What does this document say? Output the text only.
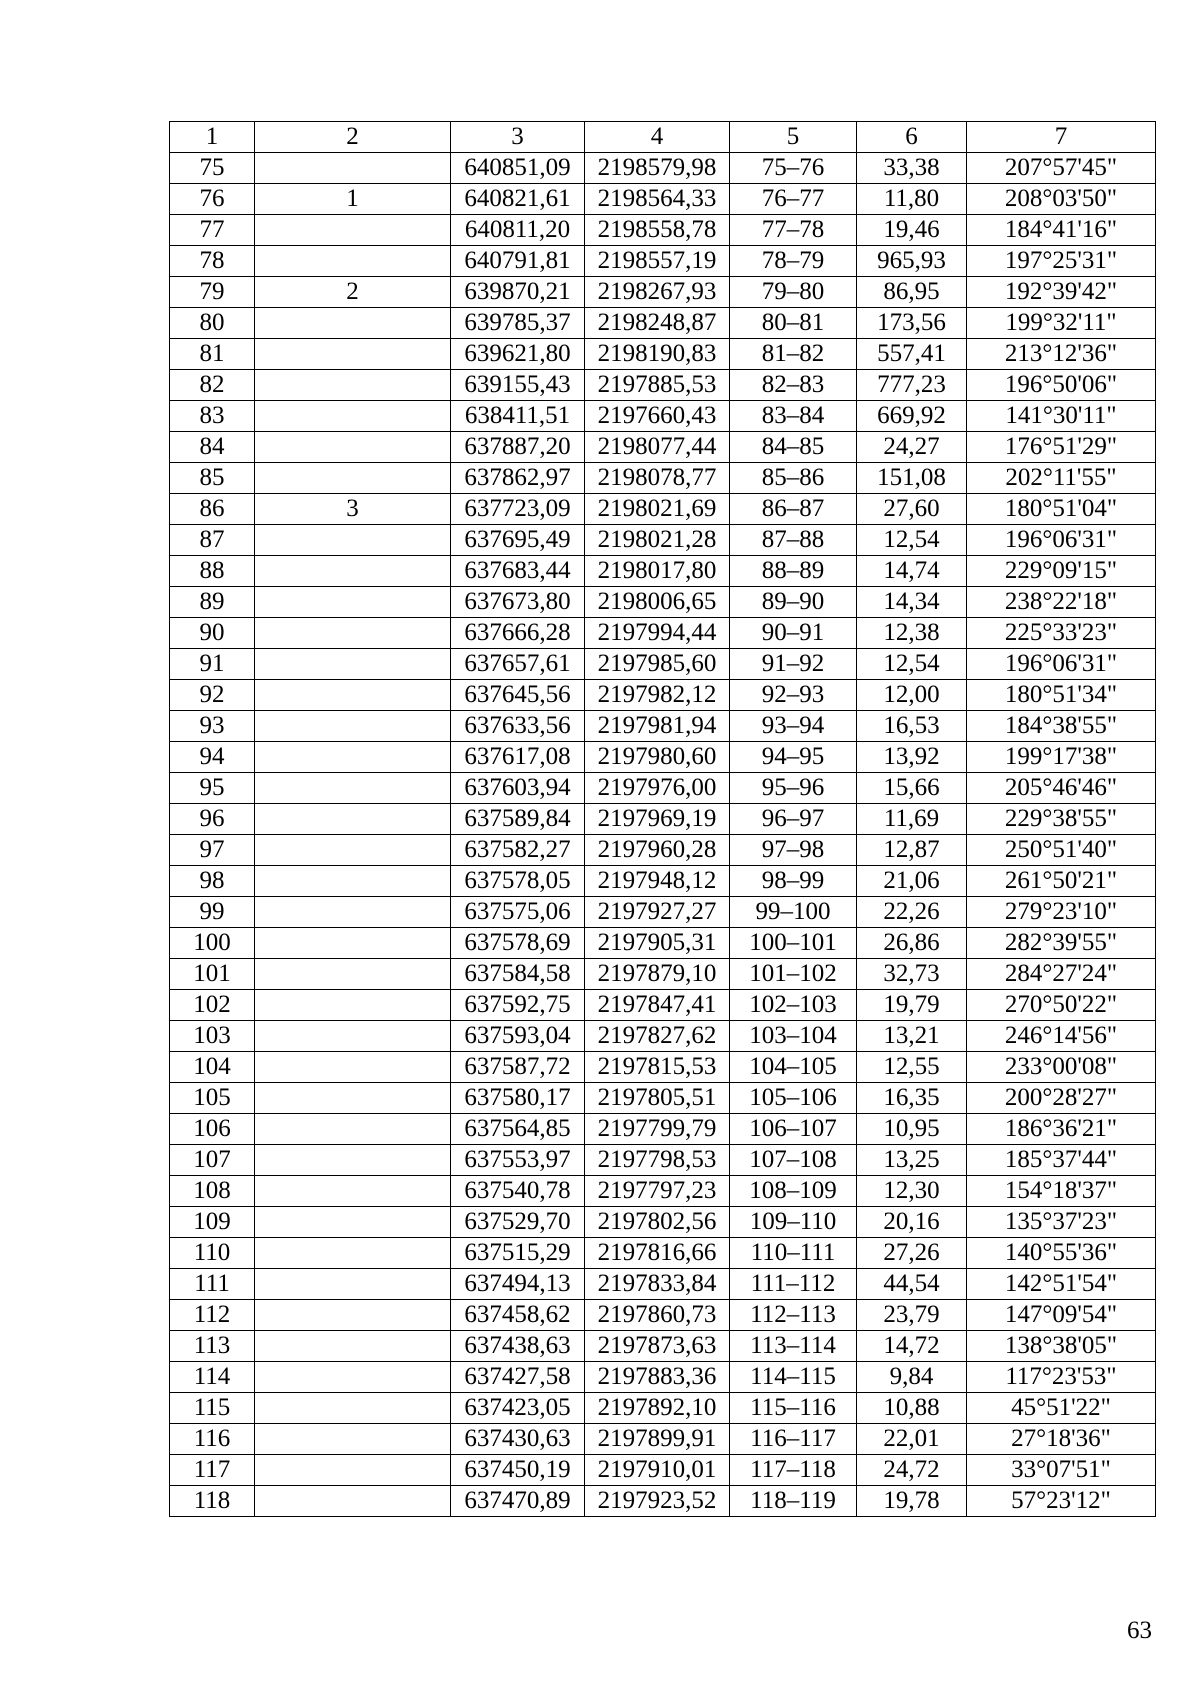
1	2	3	4	5	6	7
75		640851,09	2198579,98	75–76	33,38	207°57'45"
76	1	640821,61	2198564,33	76–77	11,80	208°03'50"
77		640811,20	2198558,78	77–78	19,46	184°41'16"
78		640791,81	2198557,19	78–79	965,93	197°25'31"
79	2	639870,21	2198267,93	79–80	86,95	192°39'42"
80		639785,37	2198248,87	80–81	173,56	199°32'11"
81		639621,80	2198190,83	81–82	557,41	213°12'36"
82		639155,43	2197885,53	82–83	777,23	196°50'06"
83		638411,51	2197660,43	83–84	669,92	141°30'11"
84		637887,20	2198077,44	84–85	24,27	176°51'29"
85		637862,97	2198078,77	85–86	151,08	202°11'55"
86	3	637723,09	2198021,69	86–87	27,60	180°51'04"
87		637695,49	2198021,28	87–88	12,54	196°06'31"
88		637683,44	2198017,80	88–89	14,74	229°09'15"
89		637673,80	2198006,65	89–90	14,34	238°22'18"
90		637666,28	2197994,44	90–91	12,38	225°33'23"
91		637657,61	2197985,60	91–92	12,54	196°06'31"
92		637645,56	2197982,12	92–93	12,00	180°51'34"
93		637633,56	2197981,94	93–94	16,53	184°38'55"
94		637617,08	2197980,60	94–95	13,92	199°17'38"
95		637603,94	2197976,00	95–96	15,66	205°46'46"
96		637589,84	2197969,19	96–97	11,69	229°38'55"
97		637582,27	2197960,28	97–98	12,87	250°51'40"
98		637578,05	2197948,12	98–99	21,06	261°50'21"
99		637575,06	2197927,27	99–100	22,26	279°23'10"
100		637578,69	2197905,31	100–101	26,86	282°39'55"
101		637584,58	2197879,10	101–102	32,73	284°27'24"
102		637592,75	2197847,41	102–103	19,79	270°50'22"
103		637593,04	2197827,62	103–104	13,21	246°14'56"
104		637587,72	2197815,53	104–105	12,55	233°00'08"
105		637580,17	2197805,51	105–106	16,35	200°28'27"
106		637564,85	2197799,79	106–107	10,95	186°36'21"
107		637553,97	2197798,53	107–108	13,25	185°37'44"
108		637540,78	2197797,23	108–109	12,30	154°18'37"
109		637529,70	2197802,56	109–110	20,16	135°37'23"
110		637515,29	2197816,66	110–111	27,26	140°55'36"
111		637494,13	2197833,84	111–112	44,54	142°51'54"
112		637458,62	2197860,73	112–113	23,79	147°09'54"
113		637438,63	2197873,63	113–114	14,72	138°38'05"
114		637427,58	2197883,36	114–115	9,84	117°23'53"
115		637423,05	2197892,10	115–116	10,88	45°51'22"
116		637430,63	2197899,91	116–117	22,01	27°18'36"
117		637450,19	2197910,01	117–118	24,72	33°07'51"
118		637470,89	2197923,52	118–119	19,78	57°23'12"
63
